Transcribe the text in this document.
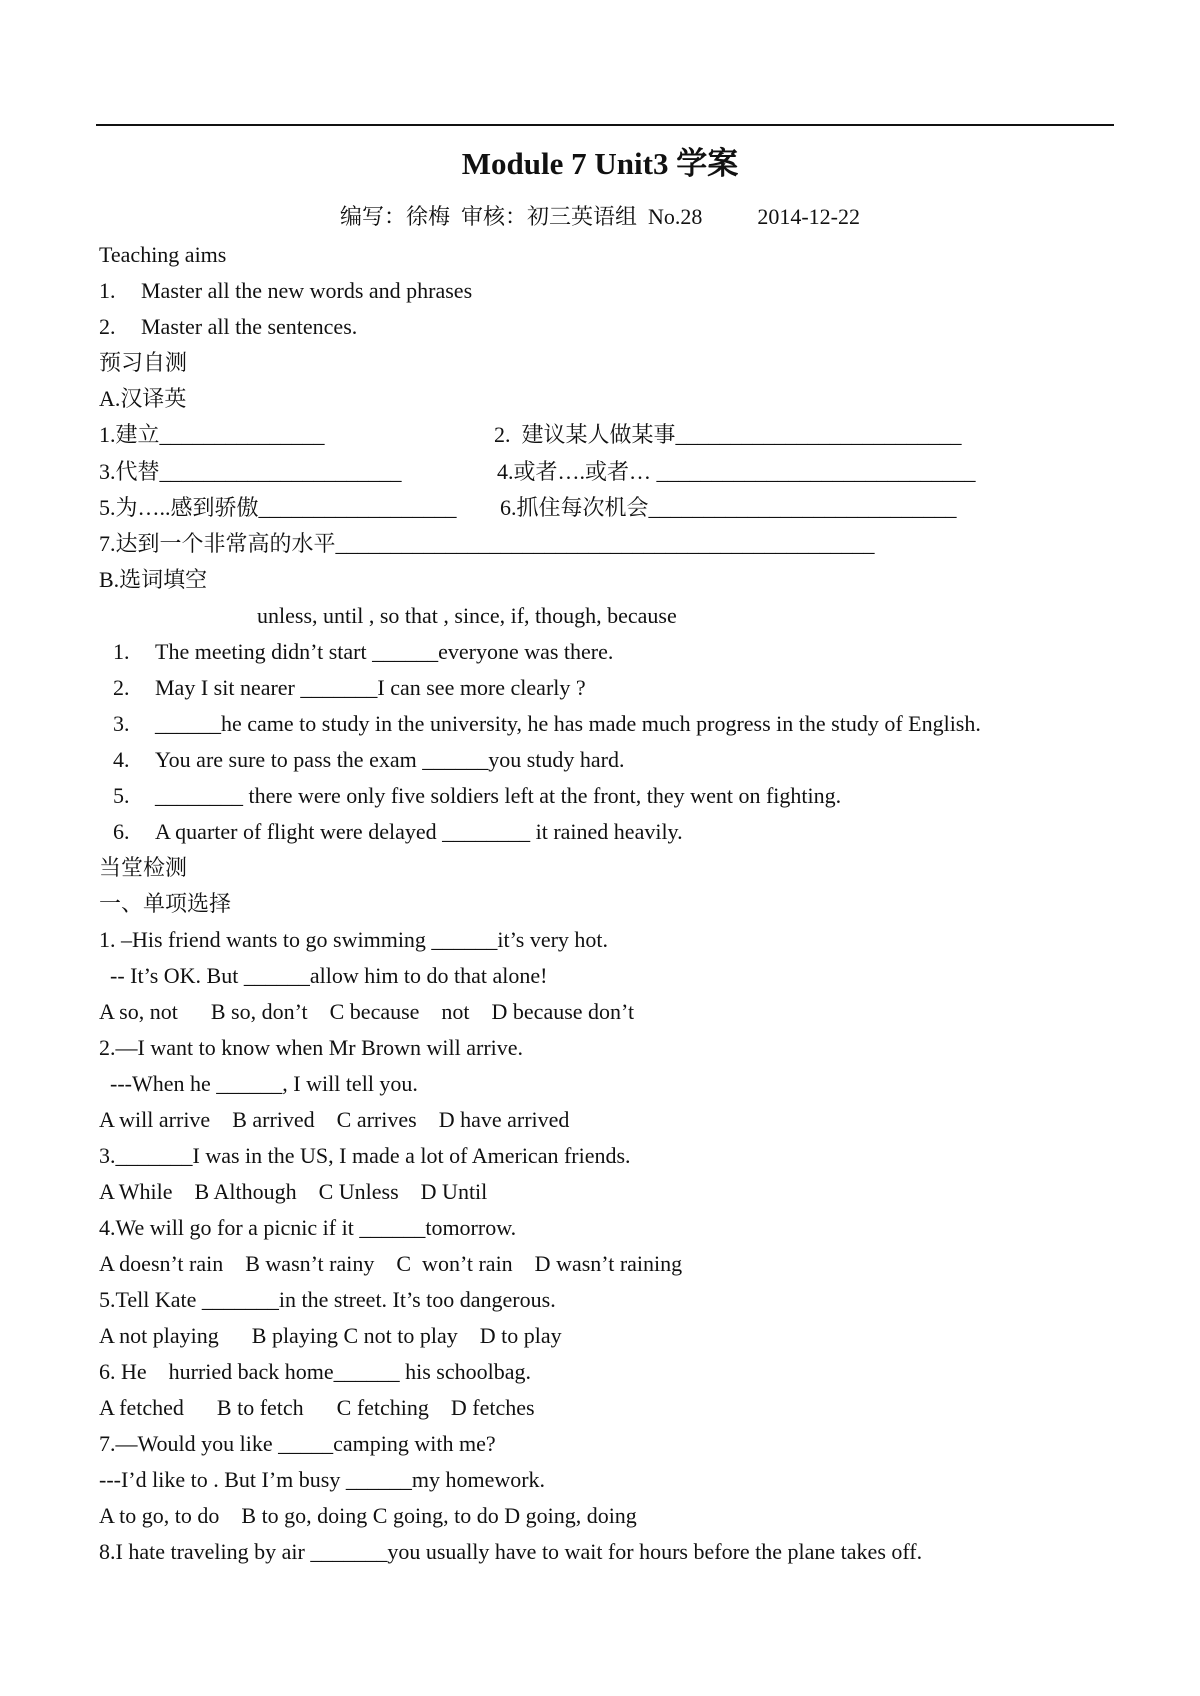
Module 7 Unit3 学案
编写：徐梅  审核：初三英语组  No.28	2014-12-22
Teaching aims
1. Master all the new words and phrases
2. Master all the sentences.
预习自测
A.汉译英
1.建立_______________	2.  建议某人做某事__________________________
3.代替______________________	4.或者….或者… _____________________________
5.为…..感到骄傲__________________ 6.抓住每次机会____________________________
7.达到一个非常高的水平_________________________________________________
B.选词填空
unless, until , so that , since, if, though, because
1. The meeting didn’t start ______everyone was there.
2. May I sit nearer _______I can see more clearly ?
3. ______he came to study in the university, he has made much progress in the study of English.
4. You are sure to pass the exam ______you study hard.
5. ________ there were only five soldiers left at the front, they went on fighting.
6. A quarter of flight were delayed ________ it rained heavily.
当堂检测
一、单项选择
1. –His friend wants to go swimming ______it’s very hot.
-- It’s OK. But ______allow him to do that alone!
A so, not      B so, don’t    C because    not    D because don’t
2.—I want to know when Mr Brown will arrive.
---When he ______, I will tell you.
A will arrive    B arrived    C arrives    D have arrived
3._______I was in the US, I made a lot of American friends.
A While    B Although    C Unless    D Until
4.We will go for a picnic if it ______tomorrow.
A doesn’t rain    B wasn’t rainy    C  won’t rain    D wasn’t raining
5.Tell Kate _______in the street. It’s too dangerous.
A not playing      B playing C not to play    D to play
6. He    hurried back home______ his schoolbag.
A fetched      B to fetch      C fetching    D fetches
7.—Would you like _____camping with me?
---I’d like to . But I’m busy ______my homework.
A to go, to do    B to go, doing C going, to do D going, doing
8.I hate traveling by air _______you usually have to wait for hours before the plane takes off.
